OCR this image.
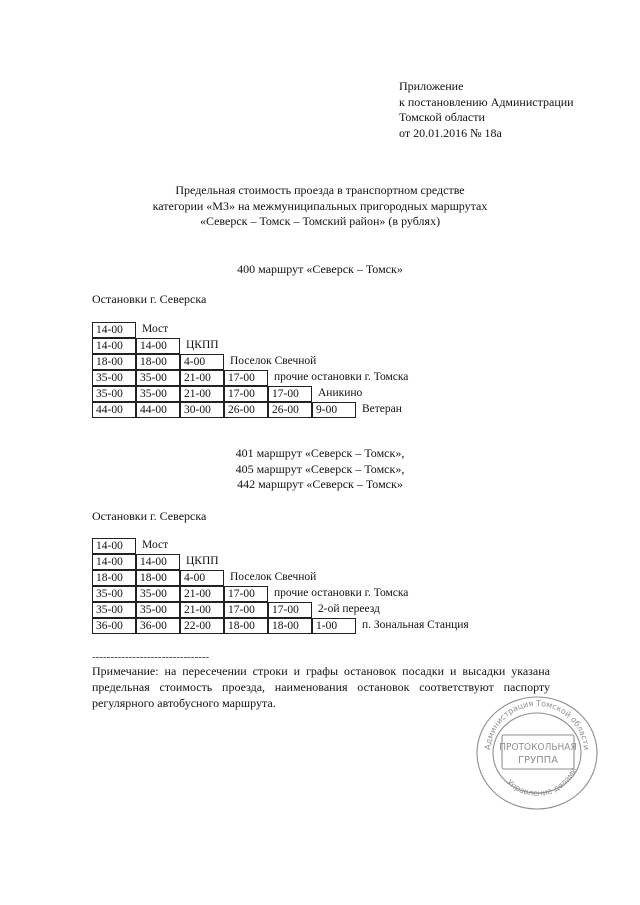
Приложение
к постановлению Администрации
Томской области
от 20.01.2016 № 18а
Предельная стоимость проезда в транспортном средстве
категории «М3» на межмуниципальных пригородных маршрутах
«Северск – Томск – Томский район» (в рублях)
400 маршрут «Северск – Томск»
Остановки г. Северска
14-00	Мост
14-00	14-00	ЦКПП
18-00	18-00	4-00	Поселок Свечной
35-00	35-00	21-00	17-00	прочие остановки г. Томска
35-00	35-00	21-00	17-00	17-00	Аникино
44-00	44-00	30-00	26-00	26-00	9-00	Ветеран
401 маршрут «Северск – Томск»,
405 маршрут «Северск – Томск»,
442 маршрут «Северск – Томск»
Остановки г. Северска
14-00	Мост
14-00	14-00	ЦКПП
18-00	18-00	4-00	Поселок Свечной
35-00	35-00	21-00	17-00	прочие остановки г. Томска
35-00	35-00	21-00	17-00	17-00	2-ой переезд
36-00	36-00	22-00	18-00	18-00	1-00	п. Зональная Станция
--------------------------------
Примечание: на пересечении строки и графы остановок посадки и высадки указана
предельная стоимость проезда, наименования остановок соответствуют паспорту
регулярного автобусного маршрута.
Администрация Томской области
Управление делами
ПРОТОКОЛЬНАЯ
ГРУППА
